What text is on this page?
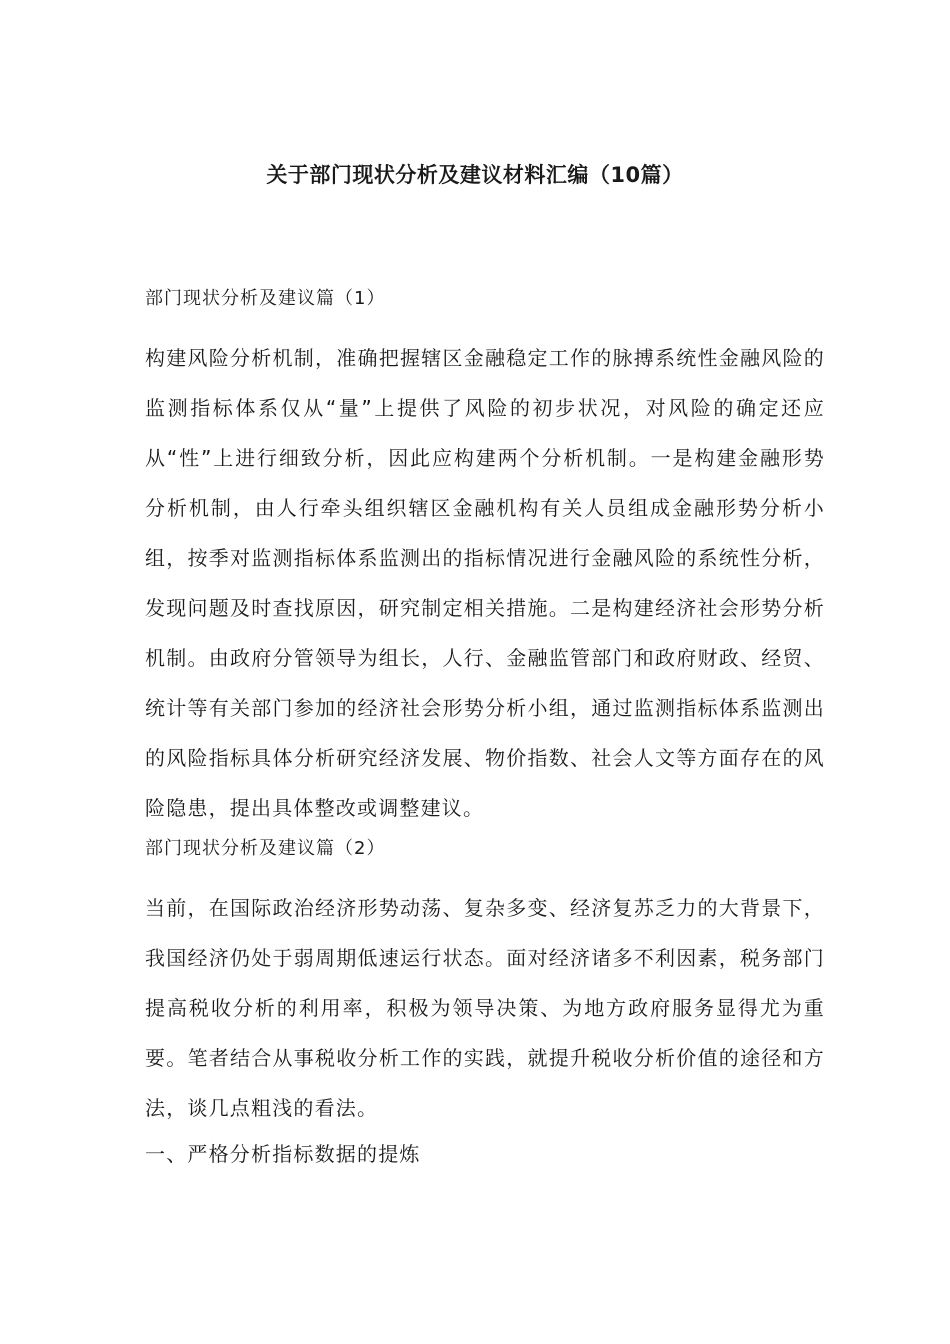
关于部门现状分析及建议材料汇编（10篇）

部门现状分析及建议篇（1）

构建风险分析机制，准确把握辖区金融稳定工作的脉搏系统性金融风险的监测指标体系仅从“量”上提供了风险的初步状况，对风险的确定还应从“性”上进行细致分析，因此应构建两个分析机制。一是构建金融形势分析机制，由人行牵头组织辖区金融机构有关人员组成金融形势分析小组，按季对监测指标体系监测出的指标情况进行金融风险的系统性分析，发现问题及时查找原因，研究制定相关措施。二是构建经济社会形势分析机制。由政府分管领导为组长，人行、金融监管部门和政府财政、经贸、统计等有关部门参加的经济社会形势分析小组，通过监测指标体系监测出的风险指标具体分析研究经济发展、物价指数、社会人文等方面存在的风险隐患，提出具体整改或调整建议。

部门现状分析及建议篇（2）

当前，在国际政治经济形势动荡、复杂多变、经济复苏乏力的大背景下，我国经济仍处于弱周期低速运行状态。面对经济诸多不利因素，税务部门提高税收分析的利用率，积极为领导决策、为地方政府服务显得尤为重要。笔者结合从事税收分析工作的实践，就提升税收分析价值的途径和方法，谈几点粗浅的看法。

一、严格分析指标数据的提炼
